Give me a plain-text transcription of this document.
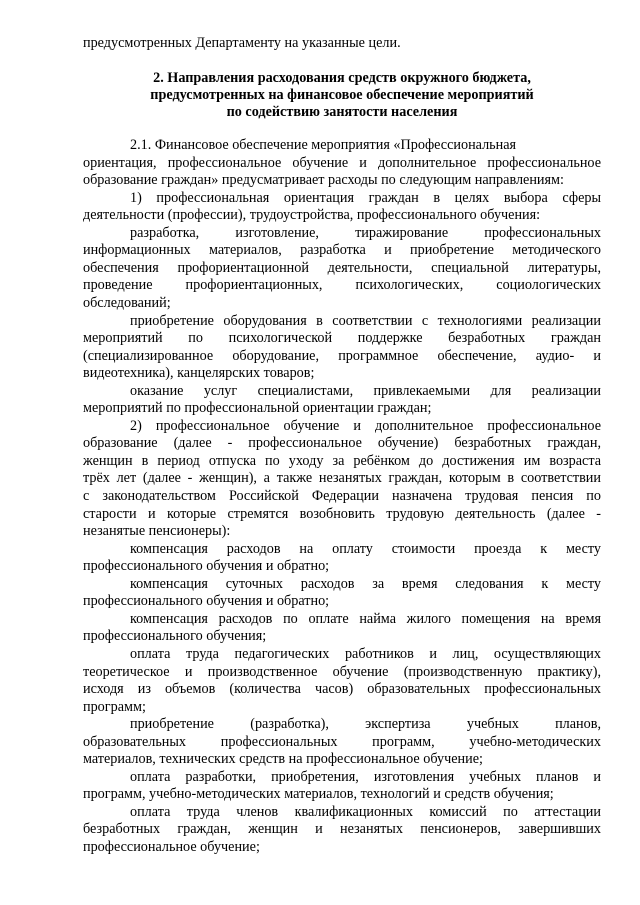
предусмотренных Департаменту на указанные цели.
2. Направления расходования средств окружного бюджета,
предусмотренных на финансовое обеспечение мероприятий
по содействию занятости населения
2.1. Финансовое обеспечение мероприятия «Профессиональная
ориентация, профессиональное обучение и дополнительное профессиональное
образование граждан» предусматривает расходы по следующим направлениям:
1) профессиональная ориентация граждан в целях выбора сферы
деятельности (профессии), трудоустройства, профессионального обучения:
разработка, изготовление, тиражирование профессиональных
информационных материалов, разработка и приобретение методического
обеспечения профориентационной деятельности, специальной литературы,
проведение профориентационных, психологических, социологических
обследований;
приобретение оборудования в соответствии с технологиями реализации
мероприятий по психологической поддержке безработных граждан
(специализированное оборудование, программное обеспечение, аудио- и
видеотехника), канцелярских товаров;
оказание услуг специалистами, привлекаемыми для реализации
мероприятий по профессиональной ориентации граждан;
2) профессиональное обучение и дополнительное профессиональное
образование (далее - профессиональное обучение) безработных граждан,
женщин в период отпуска по уходу за ребёнком до достижения им возраста
трёх лет (далее - женщин), а также незанятых граждан, которым в соответствии
с законодательством Российской Федерации назначена трудовая пенсия по
старости и которые стремятся возобновить трудовую деятельность (далее -
незанятые пенсионеры):
компенсация расходов на оплату стоимости проезда к месту
профессионального обучения и обратно;
компенсация суточных расходов за время следования к месту
профессионального обучения и обратно;
компенсация расходов по оплате найма жилого помещения на время
профессионального обучения;
оплата труда педагогических работников и лиц, осуществляющих
теоретическое и производственное обучение (производственную практику),
исходя из объемов (количества часов) образовательных профессиональных
программ;
приобретение (разработка), экспертиза учебных планов,
образовательных профессиональных программ, учебно-методических
материалов, технических средств на профессиональное обучение;
оплата разработки, приобретения, изготовления учебных планов и
программ, учебно-методических материалов, технологий и средств обучения;
оплата труда членов квалификационных комиссий по аттестации
безработных граждан, женщин и незанятых пенсионеров, завершивших
профессиональное обучение;
